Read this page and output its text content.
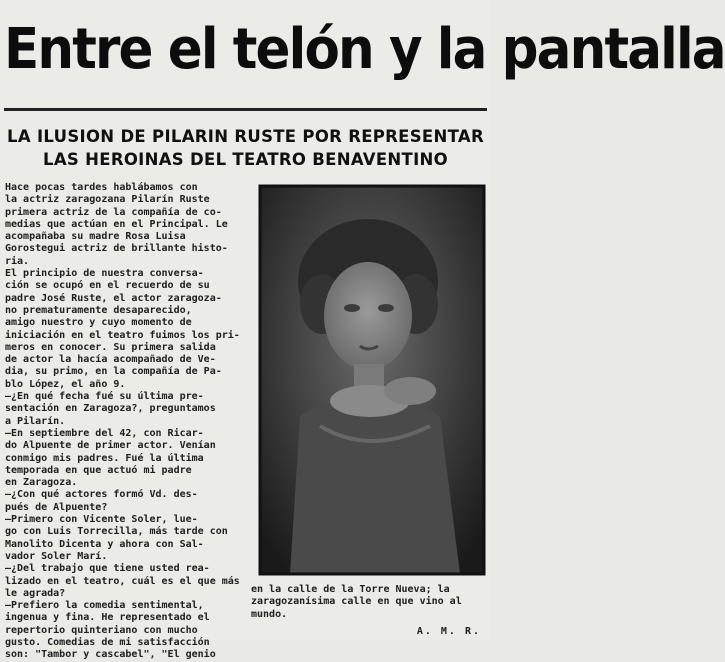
Entre el telón y la pantalla
LA ILUSION DE PILARIN RUSTE POR REPRESENTAR
LAS HEROINAS DEL TEATRO BENAVENTINO
Hace pocas tardes hablábamos con
la actriz zaragozana Pilarín Ruste
primera actriz de la compañía de co-
medias que actúan en el Principal. Le
acompañaba su madre Rosa Luisa
Gorostegui actriz de brillante histo-
ria.
El principio de nuestra conversa-
ción se ocupó en el recuerdo de su
padre José Ruste, el actor zaragoza-
no prematuramente desaparecido,
amigo nuestro y cuyo momento de
iniciación en el teatro fuimos los pri-
meros en conocer. Su primera salida
de actor la hacía acompañado de Ve-
dia, su primo, en la compañía de Pa-
blo López, el año 9.
—¿En qué fecha fué su última pre-
sentación en Zaragoza?, preguntamos
a Pilarín.
—En septiembre del 42, con Ricar-
do Alpuente de primer actor. Venían
conmigo mis padres. Fué la última
temporada en que actuó mi padre
en Zaragoza.
—¿Con qué actores formó Vd. des-
pués de Alpuente?
—Primero con Vicente Soler, lue-
go con Luis Torrecilla, más tarde con
Manolito Dicenta y ahora con Sal-
vador Soler Marí.
—¿Del trabajo que tiene usted rea-
lizado en el teatro, cuál es el que más
le agrada?
—Prefiero la comedia sentimental,
ingenua y fina. He representado el
repertorio quinteriano con mucho
gusto. Comedias de mi satisfacción
son: "Tambor y cascabel", "El genio
en la calle de la Torre Nueva; la
zaragozanísima calle en que vino al
mundo.
A. M. R.
